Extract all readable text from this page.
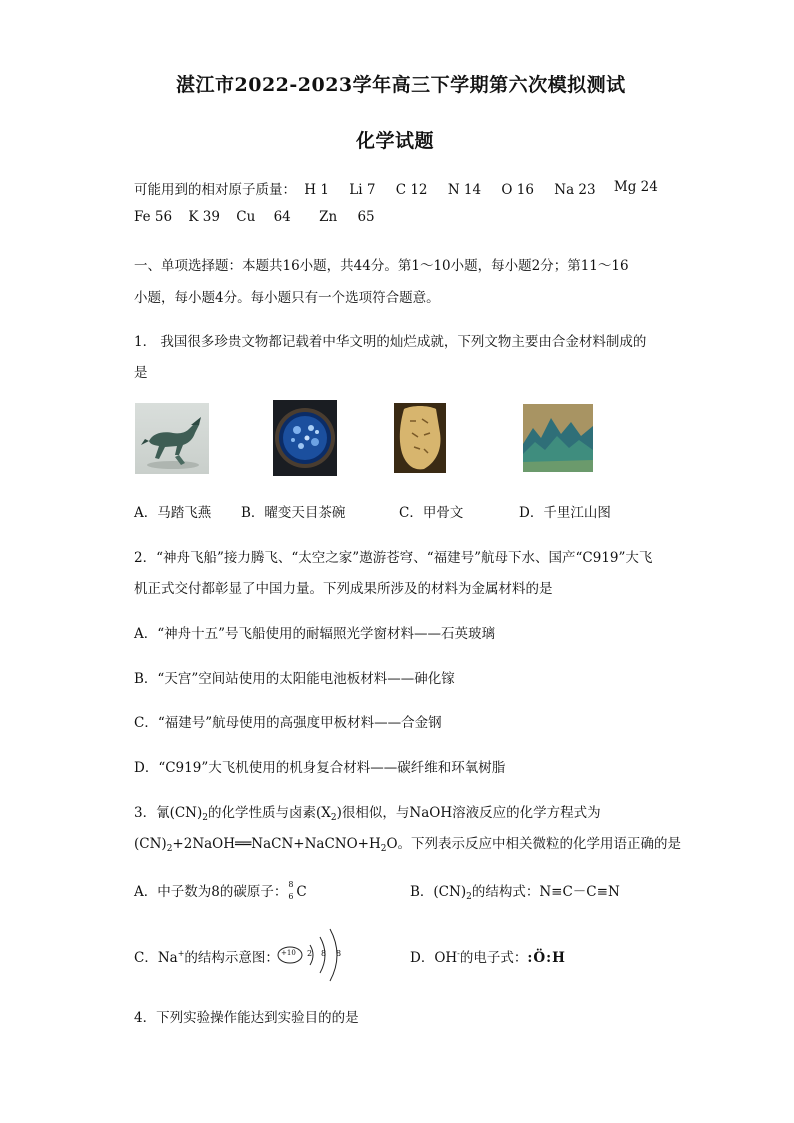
湛江市2022-2023学年高三下学期第六次模拟测试
化学试题
可能用到的相对原子质量： H 1 Li 7 C 12 N 14 O 16 Na 23 Mg 24
Fe 56 K 39 Cu 64 Zn 65
一、单项选择题：本题共16小题，共44分。第1～10小题，每小题2分；第11～16
小题，每小题4分。每小题只有一个选项符合题意。
1． 我国很多珍贵文物都记载着中华文明的灿烂成就，下列文物主要由合金材料制成的
是
A．马踏飞燕 B．曜变天目茶碗	C．甲骨文	D．千里江山图
2．“神舟飞船”接力腾飞、“太空之家”遨游苍穹、“福建号”航母下水、国产“C919”大飞
机正式交付都彰显了中国力量。下列成果所涉及的材料为金属材料的是
A．“神舟十五”号飞船使用的耐辐照光学窗材料——石英玻璃
B．“天宫”空间站使用的太阳能电池板材料——砷化镓
C．“福建号”航母使用的高强度甲板材料——合金钢
D．“C919”大飞机使用的机身复合材料——碳纤维和环氧树脂
3．氰$(CN)_2$的化学性质与卤素$(X_2)$很相似，与NaOH溶液反应的化学方程式为
$(CN)_2+2NaOH══NaCN+NaCNO+H_2O$。下列表示反应中相关微粒的化学用语正确的是
A．中子数为8的碳原子： 8
6 C	B．$(CN)_2$的结构式：N≡C－C≡N
C．Na+的结构示意图： +10 2 8 8	D．OH-的电子式：:Ö:H
4．下列实验操作能达到实验目的的是
